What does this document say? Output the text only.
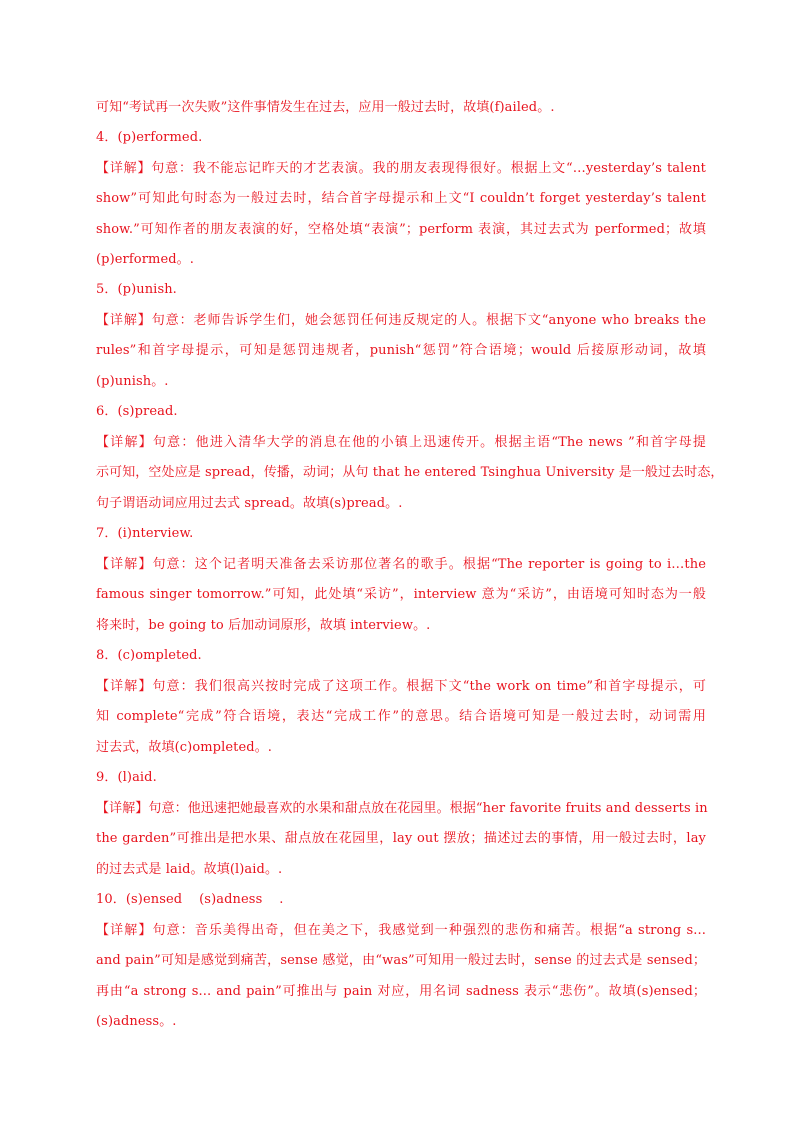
可知“考试再一次失败”这件事情发生在过去，应用一般过去时，故填(f)ailed。.
4．(p)erformed.
【详解】句意：我不能忘记昨天的才艺表演。我的朋友表现得很好。根据上文“…yesterday’s talent
show”可知此句时态为一般过去时，结合首字母提示和上文“I couldn’t forget yesterday’s talent
show.”可知作者的朋友表演的好，空格处填“表演”；perform 表演，其过去式为 performed；故填
(p)erformed。.
5．(p)unish.
【详解】句意：老师告诉学生们，她会惩罚任何违反规定的人。根据下文“anyone who breaks the
rules”和首字母提示，可知是惩罚违规者，punish“惩罚”符合语境；would 后接原形动词，故填
(p)unish。.
6．(s)pread.
【详解】句意：他进入清华大学的消息在他的小镇上迅速传开。根据主语“The news ”和首字母提
示可知，空处应是 spread，传播，动词；从句 that he entered Tsinghua University 是一般过去时态，
句子谓语动词应用过去式 spread。故填(s)pread。.
7．(i)nterview.
【详解】句意：这个记者明天准备去采访那位著名的歌手。根据“The reporter is going to i…the
famous singer tomorrow.”可知，此处填“采访”，interview 意为“采访”，由语境可知时态为一般
将来时，be going to 后加动词原形，故填 interview。.
8．(c)ompleted.
【详解】句意：我们很高兴按时完成了这项工作。根据下文“the work on time”和首字母提示，可
知 complete“完成”符合语境，表达“完成工作”的意思。结合语境可知是一般过去时，动词需用
过去式，故填(c)ompleted。.
9．(l)aid.
【详解】句意：他迅速把她最喜欢的水果和甜点放在花园里。根据“her favorite fruits and desserts in
the garden”可推出是把水果、甜点放在花园里，lay out 摆放；描述过去的事情，用一般过去时，lay
的过去式是 laid。故填(l)aid。.
10．(s)ensed    (s)adness    .
【详解】句意：音乐美得出奇，但在美之下，我感觉到一种强烈的悲伤和痛苦。根据“a strong s...
and pain”可知是感觉到痛苦，sense 感觉，由“was”可知用一般过去时，sense 的过去式是 sensed；
再由“a strong s... and pain”可推出与 pain 对应，用名词 sadness 表示“悲伤”。故填(s)ensed；
(s)adness。.
